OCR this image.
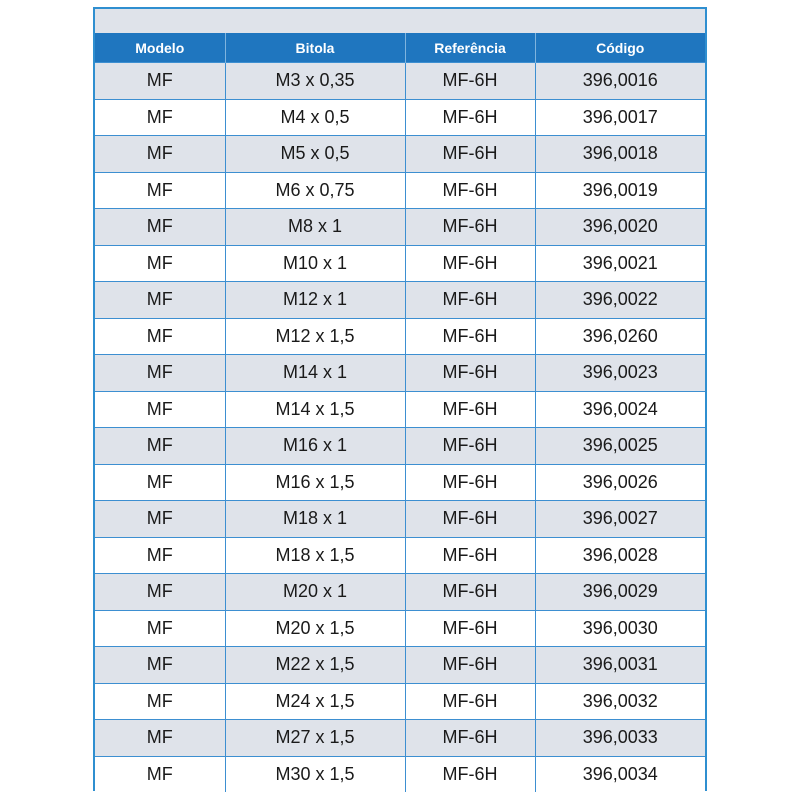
Modelo	Bitola	Referência	Código
MF	M3 x 0,35	MF-6H	396,0016
MF	M4 x 0,5	MF-6H	396,0017
MF	M5 x 0,5	MF-6H	396,0018
MF	M6 x 0,75	MF-6H	396,0019
MF	M8 x 1	MF-6H	396,0020
MF	M10 x 1	MF-6H	396,0021
MF	M12 x 1	MF-6H	396,0022
MF	M12 x 1,5	MF-6H	396,0260
MF	M14 x 1	MF-6H	396,0023
MF	M14 x 1,5	MF-6H	396,0024
MF	M16 x 1	MF-6H	396,0025
MF	M16 x 1,5	MF-6H	396,0026
MF	M18 x 1	MF-6H	396,0027
MF	M18 x 1,5	MF-6H	396,0028
MF	M20 x 1	MF-6H	396,0029
MF	M20 x 1,5	MF-6H	396,0030
MF	M22 x 1,5	MF-6H	396,0031
MF	M24 x 1,5	MF-6H	396,0032
MF	M27 x 1,5	MF-6H	396,0033
MF	M30 x 1,5	MF-6H	396,0034
